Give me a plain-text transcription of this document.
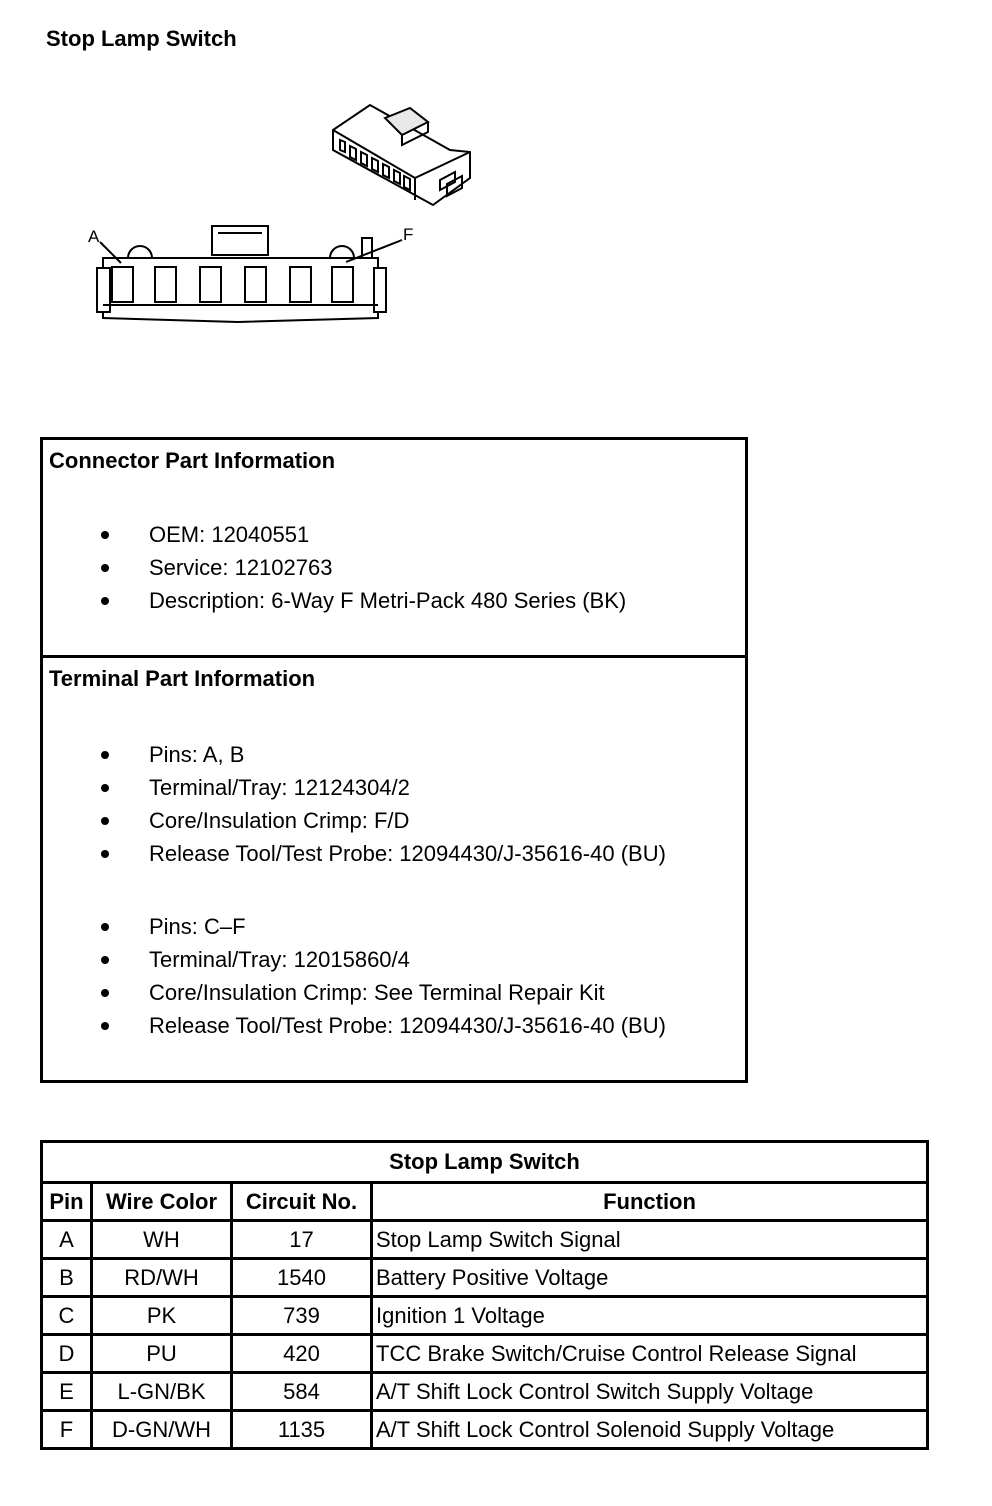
Stop Lamp Switch
A	F
Connector Part Information
OEM: 12040551
Service: 12102763
Description: 6-Way F Metri-Pack 480 Series (BK)
Terminal Part Information
Pins: A, B
Terminal/Tray: 12124304/2
Core/Insulation Crimp: F/D
Release Tool/Test Probe: 12094430/J-35616-40 (BU)
Pins: C–F
Terminal/Tray: 12015860/4
Core/Insulation Crimp: See Terminal Repair Kit
Release Tool/Test Probe: 12094430/J-35616-40 (BU)
Stop Lamp Switch			
Pin	Wire Color	Circuit No.	Function
A	WH	17	Stop Lamp Switch Signal
B	RD/WH	1540	Battery Positive Voltage
C	PK	739	Ignition 1 Voltage
D	PU	420	TCC Brake Switch/Cruise Control Release Signal
E	L-GN/BK	584	A/T Shift Lock Control Switch Supply Voltage
F	D-GN/WH	1135	A/T Shift Lock Control Solenoid Supply Voltage
